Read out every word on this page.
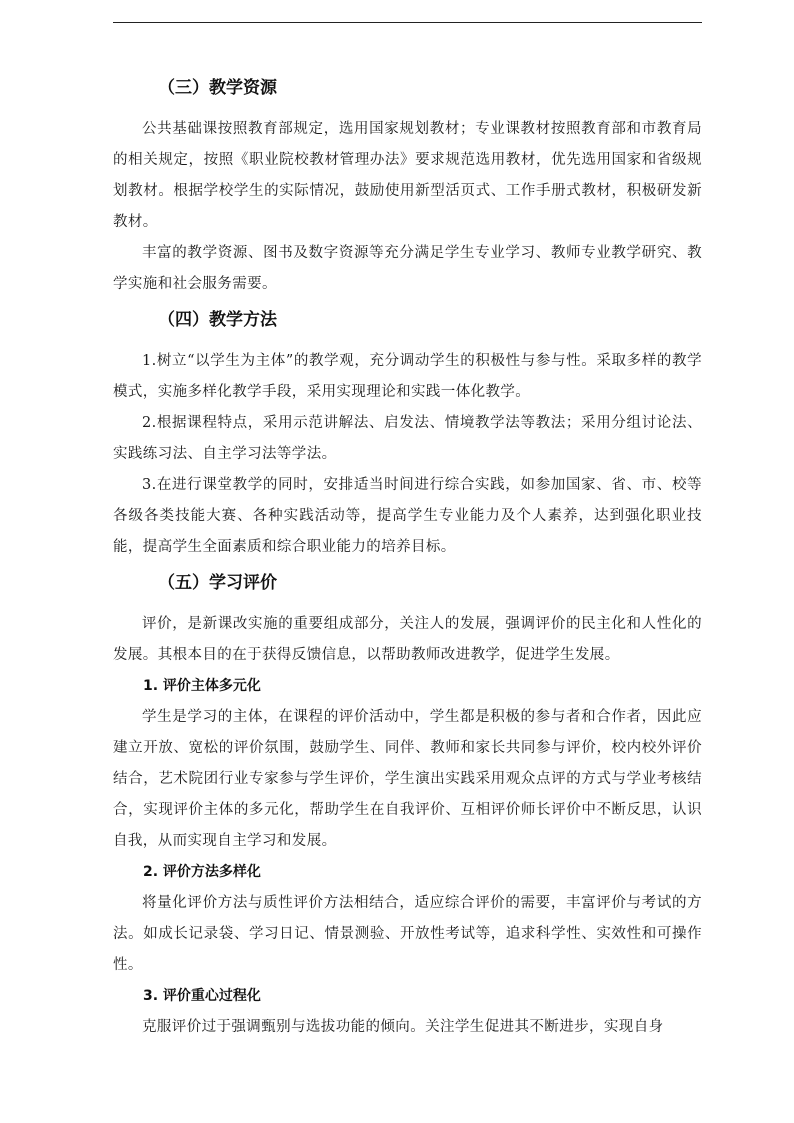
（三）教学资源

公共基础课按照教育部规定，选用国家规划教材；专业课教材按照教育部和市教育局的相关规定，按照《职业院校教材管理办法》要求规范选用教材，优先选用国家和省级规划教材。根据学校学生的实际情况，鼓励使用新型活页式、工作手册式教材，积极研发新教材。

丰富的教学资源、图书及数字资源等充分满足学生专业学习、教师专业教学研究、教学实施和社会服务需要。

（四）教学方法

1.树立“以学生为主体”的教学观，充分调动学生的积极性与参与性。采取多样的教学模式，实施多样化教学手段，采用实现理论和实践一体化教学。

2.根据课程特点，采用示范讲解法、启发法、情境教学法等教法；采用分组讨论法、实践练习法、自主学习法等学法。

3.在进行课堂教学的同时，安排适当时间进行综合实践，如参加国家、省、市、校等各级各类技能大赛、各种实践活动等，提高学生专业能力及个人素养，达到强化职业技能，提高学生全面素质和综合职业能力的培养目标。

（五）学习评价

评价，是新课改实施的重要组成部分，关注人的发展，强调评价的民主化和人性化的发展。其根本目的在于获得反馈信息，以帮助教师改进教学，促进学生发展。

1. 评价主体多元化

学生是学习的主体，在课程的评价活动中，学生都是积极的参与者和合作者，因此应建立开放、宽松的评价氛围，鼓励学生、同伴、教师和家长共同参与评价，校内校外评价结合，艺术院团行业专家参与学生评价，学生演出实践采用观众点评的方式与学业考核结合，实现评价主体的多元化，帮助学生在自我评价、互相评价师长评价中不断反思，认识自我，从而实现自主学习和发展。

2. 评价方法多样化

将量化评价方法与质性评价方法相结合，适应综合评价的需要，丰富评价与考试的方法。如成长记录袋、学习日记、情景测验、开放性考试等，追求科学性、实效性和可操作性。

3. 评价重心过程化

克服评价过于强调甄别与选拔功能的倾向。关注学生促进其不断进步，实现自身
